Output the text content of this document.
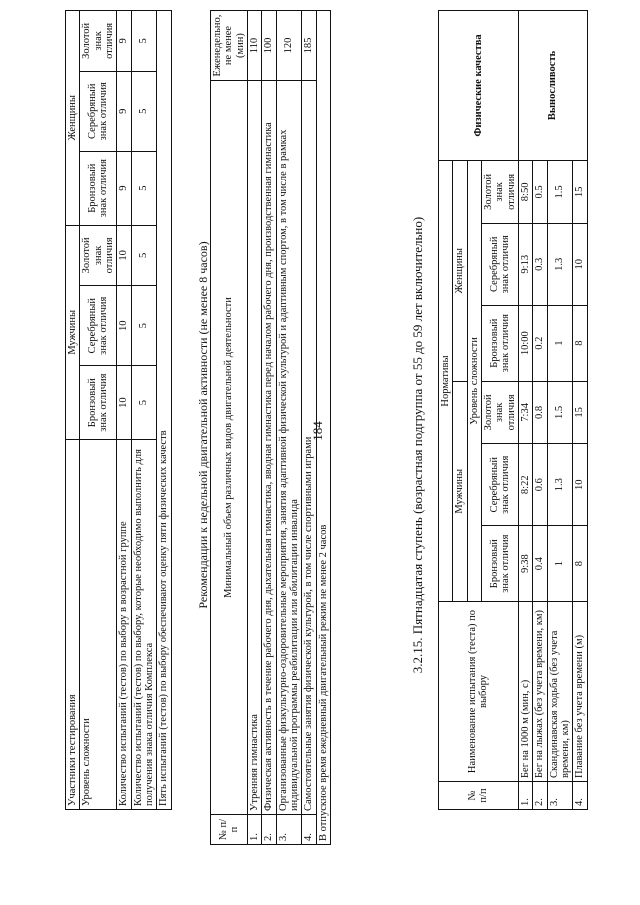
184
Участники тестирования	Мужчины			Женщины		
Уровень сложности	Бронзовый знак отличия	Серебряный знак отличия	Золотой знак отличия	Бронзовый знак отличия	Серебряный знак отличия	Золотой знак отличия
Количество испытаний (тестов) по выбору в возрастной группе	10	10	10	9	9	9
Количество испытаний (тестов) по выбору, которые необходимо выполнить для получения знака отличия Комплекса	5	5	5	5	5	5
Пять испытаний (тестов) по выбору обеспечивают оценку пяти физических качеств						
Рекомендации к недельной двигательной активности (не менее 8 часов)
№ п/п	Минимальный объем различных видов двигательной деятельности	Еженедельно, не менее (мин)
1.	Утренняя гимнастика	110
2.	Физическая активность в течение рабочего дня, дыхательная гимнастика, вводная гимнастика перед началом рабочего дня, производственная гимнастика	100
3.	Организованные физкультурно-оздоровительные мероприятия, занятия адаптивной физической культурой и адаптивным спортом, в том числе в рамках индивидуальной программы реабилитации или абилитации инвалида	120
4.	Самостоятельные занятия физической культурой, в том числе спортивными играми	185
В отпускное время ежедневный двигательный режим не менее 2 часов		
3.2.15. Пятнадцатая ступень (возрастная подгруппа от 55 до 59 лет включительно)
№ п/п	Наименование испытания (теста) по выбору	Нормативы						Физические качества
		Мужчины			Женщины			
		Уровень сложности						
		Бронзовый знак отличия	Серебряный знак отличия	Золотой знак отличия	Бронзовый знак отличия	Серебряный знак отличия	Золотой знак отличия	
1.	Бег на 1000 м (мин, с)	9:38	8:22	7:34	10:00	9:13	8:50	Выносливость
2.	Бег на лыжах (без учета времени, км)	0.4	0.6	0.8	0.2	0.3	0.5	
3.	Скандинавская ходьба (без учета времени, км)	1	1.3	1.5	1	1.3	1.5	
4.	Плавание без учета времени (м)	8	10	15	8	10	15	
